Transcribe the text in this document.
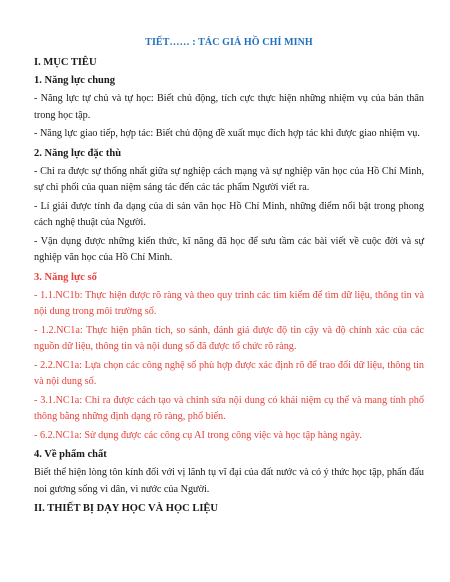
TIẾT…… : TÁC GIẢ HỒ CHÍ MINH
I. MỤC TIÊU
1. Năng lực chung
- Năng lực tự chủ và tự học: Biết chủ động, tích cực thực hiện những nhiệm vụ của bản thân trong học tập.
- Năng lực giao tiếp, hợp tác: Biết chủ động đề xuất mục đích hợp tác khi được giao nhiệm vụ.
2. Năng lực đặc thù
- Chỉ ra được sự thống nhất giữa sự nghiệp cách mạng và sự nghiệp văn học của Hồ Chí Minh, sự chi phối của quan niệm sáng tác đến các tác phẩm Người viết ra.
- Lí giải được tính đa dạng của di sản văn học Hồ Chí Minh, những điểm nổi bật trong phong cách nghệ thuật của Người.
- Vận dụng được những kiến thức, kĩ năng đã học để sưu tầm các bài viết về cuộc đời và sự nghiệp văn học của Hồ Chí Minh.
3. Năng lực số
- 1.1.NC1b: Thực hiện được rõ ràng và theo quy trình các tìm kiếm để tìm dữ liệu, thông tin và nội dung trong môi trường số.
- 1.2.NC1a: Thực hiện phân tích, so sánh, đánh giá được độ tin cậy và độ chính xác của các nguồn dữ liệu, thông tin và nội dung số đã được tổ chức rõ ràng.
- 2.2.NC1a: Lựa chọn các công nghệ số phù hợp được xác định rõ để trao đổi dữ liệu, thông tin và nội dung số.
- 3.1.NC1a: Chỉ ra được cách tạo và chỉnh sửa nội dung có khái niệm cụ thể và mang tính phổ thông bằng những định dạng rõ ràng, phổ biến.
- 6.2.NC1a: Sử dụng được các công cụ AI trong công việc và học tập hàng ngày.
4. Về phẩm chất
Biết thể hiện lòng tôn kính đối với vị lãnh tụ vĩ đại của đất nước và có ý thức học tập, phấn đấu noi gương sống vì dân, vì nước của Người.
II. THIẾT BỊ DẠY HỌC VÀ HỌC LIỆU
